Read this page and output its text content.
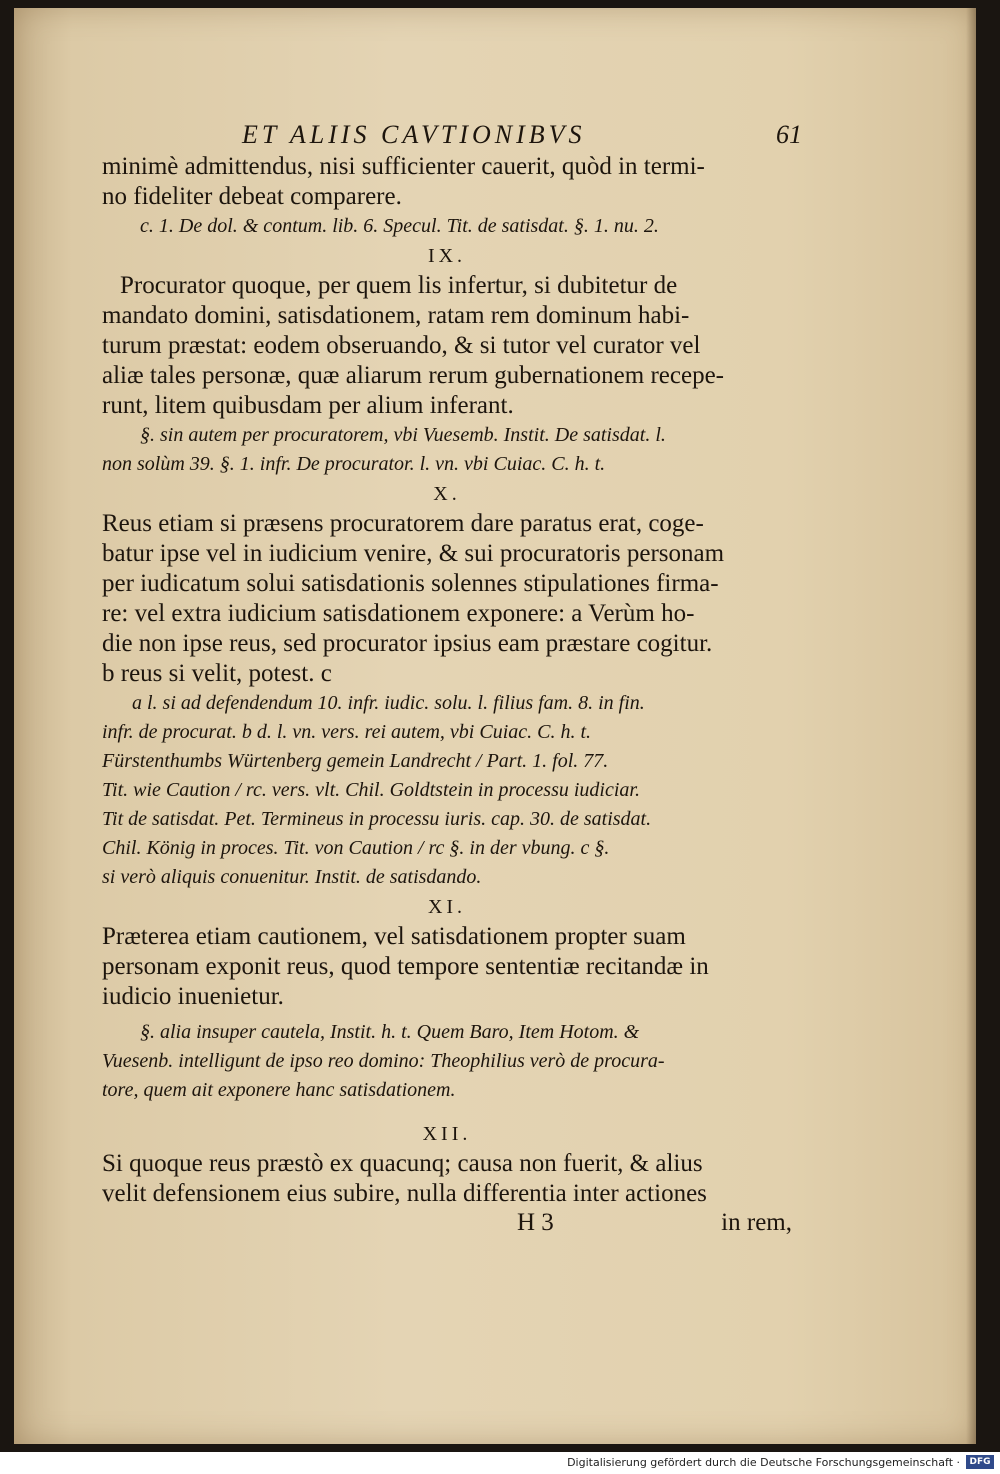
ET ALIIS CAVTIONIBVS	61

minimè admittendus, nisi sufficienter cauerit, quòd in termi-

no fideliter debeat comparere.

c. 1. De dol. & contum. lib. 6. Specul. Tit. de satisdat. §. 1. nu. 2.

IX.

Procurator quoque, per quem lis infertur, si dubitetur de

mandato domini, satisdationem, ratam rem dominum habi-

turum præstat: eodem obseruando, & si tutor vel curator vel

aliæ tales personæ, quæ aliarum rerum gubernationem recepe-

runt, litem quibusdam per alium inferant.

§. sin autem per procuratorem, vbi Vuesemb. Instit. De satisdat. l.

non solùm 39. §. 1. infr. De procurator. l. vn. vbi Cuiac. C. h. t.

X.

Reus etiam si præsens procuratorem dare paratus erat, coge-

batur ipse vel in iudicium venire, & sui procuratoris personam

per iudicatum solui satisdationis solennes stipulationes firma-

re: vel extra iudicium satisdationem exponere: a Verùm ho-

die non ipse reus, sed procurator ipsius eam præstare cogitur.

b reus si velit, potest. c

a l. si ad defendendum 10. infr. iudic. solu. l. filius fam. 8. in fin.

infr. de procurat. b d. l. vn. vers. rei autem, vbi Cuiac. C. h. t.

Fürstenthumbs Würtenberg gemein Landrecht / Part. 1. fol. 77.

Tit. wie Caution / rc. vers. vlt. Chil. Goldtstein in processu iudiciar.

Tit de satisdat. Pet. Termineus in processu iuris. cap. 30. de satisdat.

Chil. König in proces. Tit. von Caution / rc §. in der vbung. c §.

si verò aliquis conuenitur. Instit. de satisdando.

XI.

Præterea etiam cautionem, vel satisdationem propter suam

personam exponit reus, quod tempore sententiæ recitandæ in

iudicio inuenietur.

§. alia insuper cautela, Instit. h. t. Quem Baro, Item Hotom. &

Vuesenb. intelligunt de ipso reo domino: Theophilius verò de procura-

tore, quem ait exponere hanc satisdationem.

XII.

Si quoque reus præstò ex quacunq; causa non fuerit, & alius

velit defensionem eius subire, nulla differentia inter actiones

H 3	in rem,
Digitalisierung gefördert durch die Deutsche Forschungsgemeinschaft ·	DFG
